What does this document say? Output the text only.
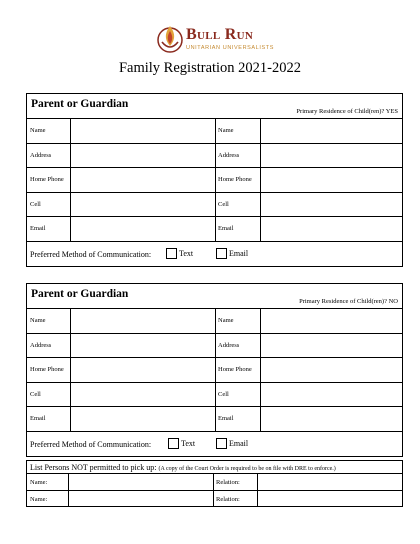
Bull Run
UNITARIAN UNIVERSALISTS
Family Registration 2021-2022
Parent or Guardian
Primary Residence of Child(ren)? YES
Name	Name
Address	Address
Home Phone	Home Phone
Cell	Cell
Email	Email
Preferred Method of Communication:	Text	Email
Parent or Guardian
Primary Residence of Child(ren)? NO
Name	Name
Address	Address
Home Phone	Home Phone
Cell	Cell
Email	Email
Preferred Method of Communication:	Text	Email
List Persons NOT permitted to pick up: (A copy of the Court Order is required to be on file with DRE to enforce.)
Name:	Relation:
Name:	Relation:
